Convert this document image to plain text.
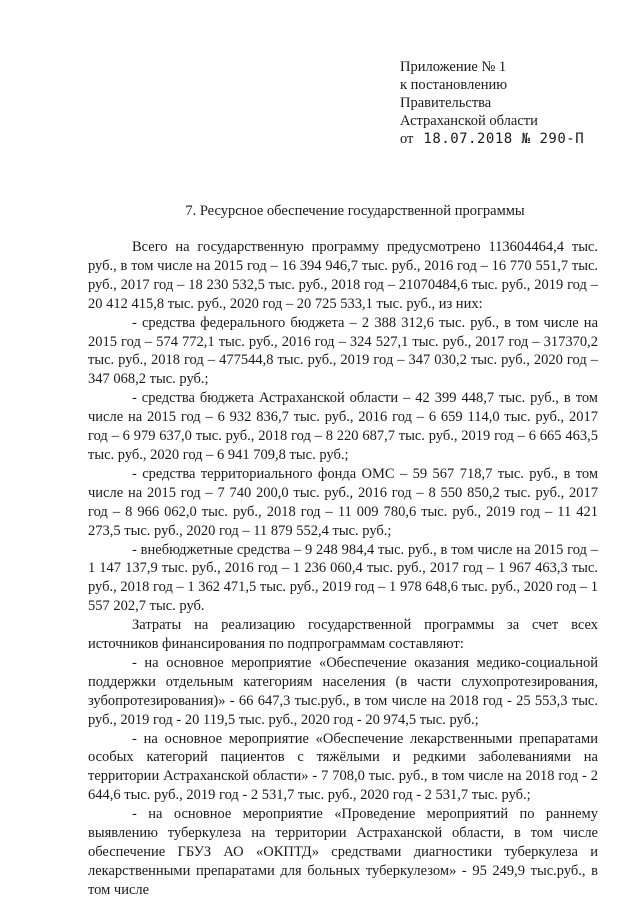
Приложение № 1
к постановлению
Правительства
Астраханской области
от 18.07.2018 № 290-П
7. Ресурсное обеспечение государственной программы

Всего на государственную программу предусмотрено 113604464,4 тыс. руб., в том числе на 2015 год – 16 394 946,7 тыс. руб., 2016 год – 16 770 551,7 тыс. руб., 2017 год – 18 230 532,5 тыс. руб., 2018 год – 21070484,6 тыс. руб., 2019 год – 20 412 415,8 тыс. руб., 2020 год – 20 725 533,1 тыс. руб., из них:

- средства федерального бюджета – 2 388 312,6 тыс. руб., в том числе на 2015 год – 574 772,1 тыс. руб., 2016 год – 324 527,1 тыс. руб., 2017 год – 317370,2 тыс. руб., 2018 год – 477544,8 тыс. руб., 2019 год – 347 030,2 тыс. руб., 2020 год – 347 068,2 тыс. руб.;

- средства бюджета Астраханской области – 42 399 448,7 тыс. руб., в том числе на 2015 год – 6 932 836,7 тыс. руб., 2016 год – 6 659 114,0 тыс. руб., 2017 год – 6 979 637,0 тыс. руб., 2018 год – 8 220 687,7 тыс. руб., 2019 год – 6 665 463,5 тыс. руб., 2020 год – 6 941 709,8 тыс. руб.;

- средства территориального фонда ОМС – 59 567 718,7 тыс. руб., в том числе на 2015 год – 7 740 200,0 тыс. руб., 2016 год – 8 550 850,2 тыс. руб., 2017 год – 8 966 062,0 тыс. руб., 2018 год – 11 009 780,6 тыс. руб., 2019 год – 11 421 273,5 тыс. руб., 2020 год – 11 879 552,4 тыс. руб.;

- внебюджетные средства – 9 248 984,4 тыс. руб., в том числе на 2015 год – 1 147 137,9 тыс. руб., 2016 год – 1 236 060,4 тыс. руб., 2017 год – 1 967 463,3 тыс. руб., 2018 год – 1 362 471,5 тыс. руб., 2019 год – 1 978 648,6 тыс. руб., 2020 год – 1 557 202,7 тыс. руб.

Затраты на реализацию государственной программы за счет всех источников финансирования по подпрограммам составляют:

- на основное мероприятие «Обеспечение оказания медико-социальной поддержки отдельным категориям населения (в части слухопротезирования, зубопротезирования)» - 66 647,3 тыс.руб., в том числе на 2018 год - 25 553,3 тыс. руб., 2019 год - 20 119,5 тыс. руб., 2020 год - 20 974,5 тыс. руб.;

- на основное мероприятие «Обеспечение лекарственными препаратами особых категорий пациентов с тяжёлыми и редкими заболеваниями на территории Астраханской области» - 7 708,0 тыс. руб., в том числе на 2018 год - 2 644,6 тыс. руб., 2019 год - 2 531,7 тыс. руб., 2020 год - 2 531,7 тыс. руб.;

- на основное мероприятие «Проведение мероприятий по раннему выявлению туберкулеза на территории Астраханской области, в том числе обеспечение ГБУЗ АО «ОКПТД» средствами диагностики туберкулеза и лекарственными препаратами для больных туберкулезом» - 95 249,9 тыс.руб., в том числе
